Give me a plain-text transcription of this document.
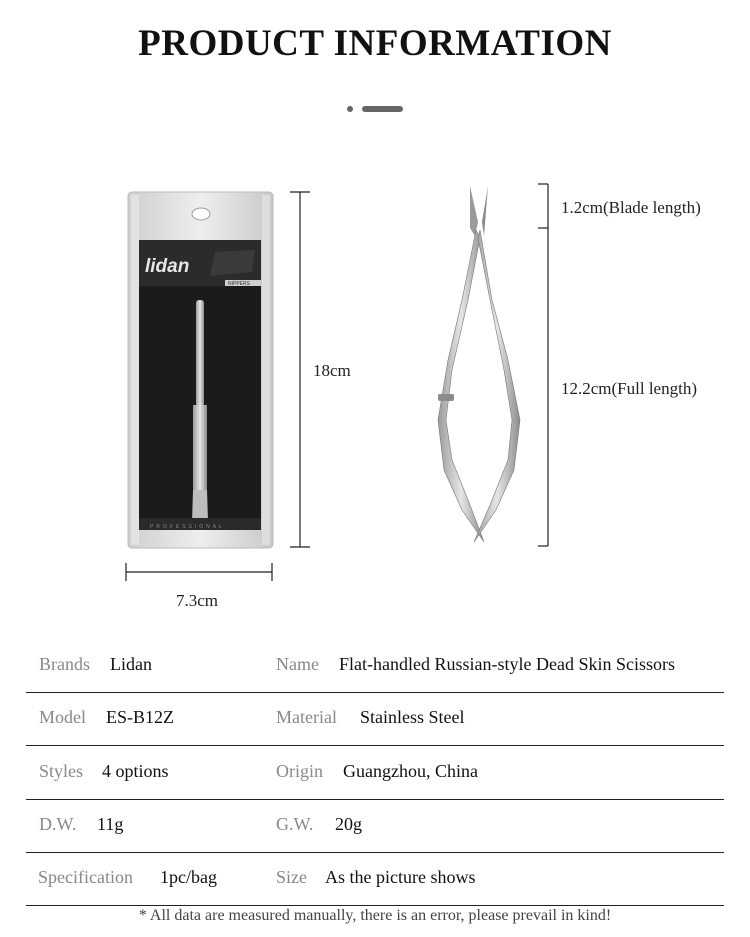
PRODUCT INFORMATION
lidan
NIPPERS
PROFESSIONAL
18cm
7.3cm
1.2cm(Blade length)
12.2cm(Full length)
Brands Lidan	Name Flat-handled Russian-style Dead Skin Scissors
Model ES-B12Z	Material Stainless Steel
Styles 4 options	Origin Guangzhou, China
D.W. 11g	G.W. 20g
Specification 1pc/bag	Size As the picture shows
* All data are measured manually, there is an error, please prevail in kind!
